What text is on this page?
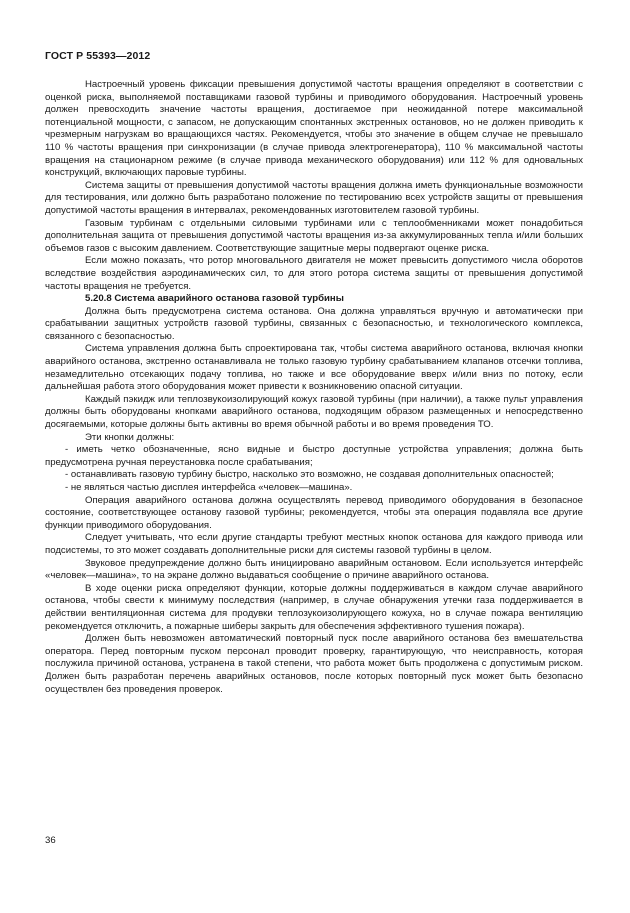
ГОСТ Р 55393—2012

Настроечный уровень фиксации превышения допустимой частоты вращения определяют в соответствии с оценкой риска, выполняемой поставщиками газовой турбины и приводимого оборудования. Настроечный уровень должен превосходить значение частоты вращения, достигаемое при неожиданной потере максимальной потенциальной мощности, с запасом, не допускающим спонтанных экстренных остановов, но не должен приводить к чрезмерным нагрузкам во вращающихся частях. Рекомендуется, чтобы это значение в общем случае не превышало 110 % частоты вращения при синхронизации (в случае привода электрогенератора), 110 % максимальной частоты вращения на стационарном режиме (в случае привода механического оборудования) или 112 % для одновальных конструкций, включающих паровые турбины.

Система защиты от превышения допустимой частоты вращения должна иметь функциональные возможности для тестирования, или должно быть разработано положение по тестированию всех устройств защиты от превышения допустимой частоты вращения в интервалах, рекомендованных изготовителем газовой турбины.

Газовым турбинам с отдельными силовыми турбинами или с теплообменниками может понадобиться дополнительная защита от превышения допустимой частоты вращения из-за аккумулированных тепла и/или больших объемов газов с высоким давлением. Соответствующие защитные меры подвергают оценке риска.

Если можно показать, что ротор многовального двигателя не может превысить допустимого числа оборотов вследствие воздействия аэродинамических сил, то для этого ротора система защиты от превышения допустимой частоты вращения не требуется.

5.20.8 Система аварийного останова газовой турбины

Должна быть предусмотрена система останова. Она должна управляться вручную и автоматически при срабатывании защитных устройств газовой турбины, связанных с безопасностью, и технологического комплекса, связанного с безопасностью.

Система управления должна быть спроектирована так, чтобы система аварийного останова, включая кнопки аварийного останова, экстренно останавливала не только газовую турбину срабатыванием клапанов отсечки топлива, незамедлительно отсекающих подачу топлива, но также и все оборудование вверх и/или вниз по потоку, если дальнейшая работа этого оборудования может привести к возникновению опасной ситуации.

Каждый пэкидж или теплозвукоизолирующий кожух газовой турбины (при наличии), а также пульт управления должны быть оборудованы кнопками аварийного останова, подходящим образом размещенных и непосредственно досягаемыми, которые должны быть активны во время обычной работы и во время проведения ТО.

Эти кнопки должны:

- иметь четко обозначенные, ясно видные и быстро доступные устройства управления; должна быть предусмотрена ручная переустановка после срабатывания;

- останавливать газовую турбину быстро, насколько это возможно, не создавая дополнительных опасностей;

- не являться частью дисплея интерфейса «человек—машина».

Операция аварийного останова должна осуществлять перевод приводимого оборудования в безопасное состояние, соответствующее останову газовой турбины; рекомендуется, чтобы эта операция подавляла все другие функции приводимого оборудования.

Следует учитывать, что если другие стандарты требуют местных кнопок останова для каждого привода или подсистемы, то это может создавать дополнительные риски для системы газовой турбины в целом.

Звуковое предупреждение должно быть инициировано аварийным остановом. Если используется интерфейс «человек—машина», то на экране должно выдаваться сообщение о причине аварийного останова.

В ходе оценки риска определяют функции, которые должны поддерживаться в каждом случае аварийного останова, чтобы свести к минимуму последствия (например, в случае обнаружения утечки газа поддерживается в действии вентиляционная система для продувки теплозукоизолирующего кожуха, но в случае пожара вентиляцию рекомендуется отключить, а пожарные шиберы закрыть для обеспечения эффективного тушения пожара).

Должен быть невозможен автоматический повторный пуск после аварийного останова без вмешательства оператора. Перед повторным пуском персонал проводит проверку, гарантирующую, что неисправность, которая послужила причиной останова, устранена в такой степени, что работа может быть продолжена с допустимым риском. Должен быть разработан перечень аварийных остановов, после которых повторный пуск может быть безопасно осуществлен без проведения проверок.

36
